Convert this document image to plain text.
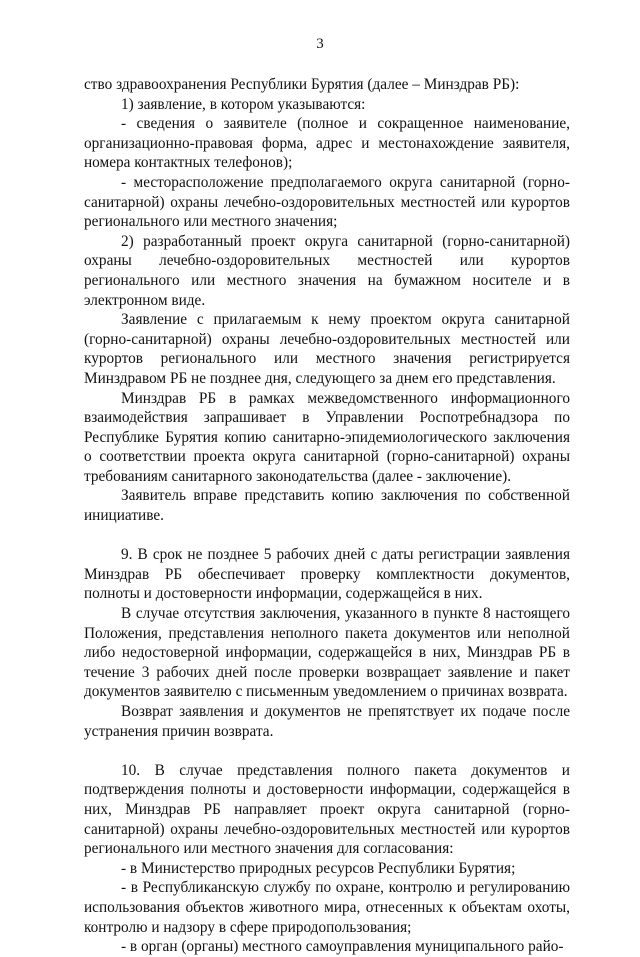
3

ство здравоохранения Республики Бурятия (далее – Минздрав РБ):

1) заявление, в котором указываются:

- сведения о заявителе (полное и сокращенное наименование, организационно-правовая форма, адрес и местонахождение заявителя, номера контактных телефонов);

- месторасположение предполагаемого округа санитарной (горно-санитарной) охраны лечебно-оздоровительных местностей или курортов регионального или местного значения;

2) разработанный проект округа санитарной (горно-санитарной) охраны лечебно-оздоровительных местностей или курортов регионального или местного значения на бумажном носителе и в электронном виде.

Заявление с прилагаемым к нему проектом округа санитарной (горно-санитарной) охраны лечебно-оздоровительных местностей или курортов регионального или местного значения регистрируется Минздравом РБ не позднее дня, следующего за днем его представления.

Минздрав РБ в рамках межведомственного информационного взаимодействия запрашивает в Управлении Роспотребнадзора по Республике Бурятия копию санитарно-эпидемиологического заключения о соответствии проекта округа санитарной (горно-санитарной) охраны требованиям санитарного законодательства (далее - заключение).

Заявитель вправе представить копию заключения по собственной инициативе.

9. В срок не позднее 5 рабочих дней с даты регистрации заявления Минздрав РБ обеспечивает проверку комплектности документов, полноты и достоверности информации, содержащейся в них.

В случае отсутствия заключения, указанного в пункте 8 настоящего Положения, представления неполного пакета документов или неполной либо недостоверной информации, содержащейся в них, Минздрав РБ в течение 3 рабочих дней после проверки возвращает заявление и пакет документов заявителю с письменным уведомлением о причинах возврата.

Возврат заявления и документов не препятствует их подаче после устранения причин возврата.

10. В случае представления полного пакета документов и подтверждения полноты и достоверности информации, содержащейся в них, Минздрав РБ направляет проект округа санитарной (горно-санитарной) охраны лечебно-оздоровительных местностей или курортов регионального или местного значения для согласования:

- в Министерство природных ресурсов Республики Бурятия;

- в Республиканскую службу по охране, контролю и регулированию использования объектов животного мира, отнесенных к объектам охоты, контролю и надзору в сфере природопользования;

- в орган (органы) местного самоуправления муниципального райо-
